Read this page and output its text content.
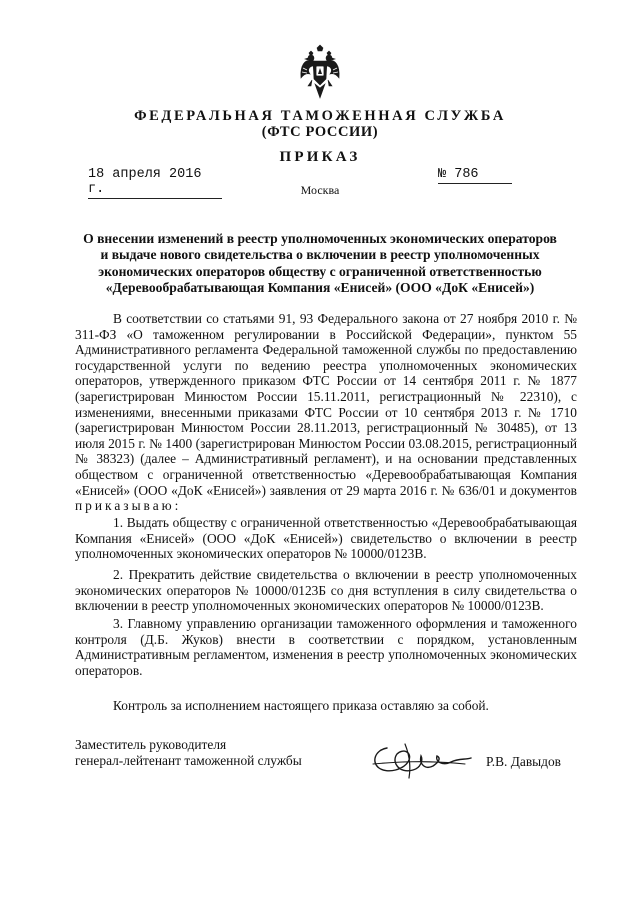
ФЕДЕРАЛЬНАЯ ТАМОЖЕННАЯ СЛУЖБА
(ФТС РОССИИ)
ПРИКАЗ
18 апреля 2016 г.
№ 786
Москва
О внесении изменений в реестр уполномоченных экономических операторов
и выдаче нового свидетельства о включении в реестр уполномоченных
экономических операторов обществу с ограниченной ответственностью
«Деревообрабатывающая Компания «Енисей» (ООО «ДоК «Енисей»)
В соответствии со статьями 91, 93 Федерального закона от 27 ноября 2010 г. № 311-ФЗ «О таможенном регулировании в Российской Федерации», пунктом 55 Административного регламента Федеральной таможенной службы по предоставлению государственной услуги по ведению реестра уполномоченных экономических операторов, утвержденного приказом ФТС России от 14 сентября 2011 г. № 1877 (зарегистрирован Минюстом России 15.11.2011, регистрационный № 22310), с изменениями, внесенными приказами ФТС России от 10 сентября 2013 г. № 1710 (зарегистрирован Минюстом России 28.11.2013, регистрационный № 30485), от 13 июля 2015 г. № 1400 (зарегистрирован Минюстом России 03.08.2015, регистрационный № 38323) (далее – Административный регламент), и на основании представленных обществом с ограниченной ответственностью «Деревообрабатывающая Компания «Енисей» (ООО «ДоК «Енисей») заявления от 29 марта 2016 г. № 636/01 и документов приказываю:
1. Выдать обществу с ограниченной ответственностью «Деревообрабатывающая Компания «Енисей» (ООО «ДоК «Енисей») свидетельство о включении в реестр уполномоченных экономических операторов № 10000/0123В.
2. Прекратить действие свидетельства о включении в реестр уполномоченных экономических операторов № 10000/0123Б со дня вступления в силу свидетельства о включении в реестр уполномоченных экономических операторов № 10000/0123В.
3. Главному управлению организации таможенного оформления и таможенного контроля (Д.Б. Жуков) внести в соответствии с порядком, установленным Административным регламентом, изменения в реестр уполномоченных экономических операторов.
Контроль за исполнением настоящего приказа оставляю за собой.
Заместитель руководителя
генерал-лейтенант таможенной службы	Р.В. Давыдов
